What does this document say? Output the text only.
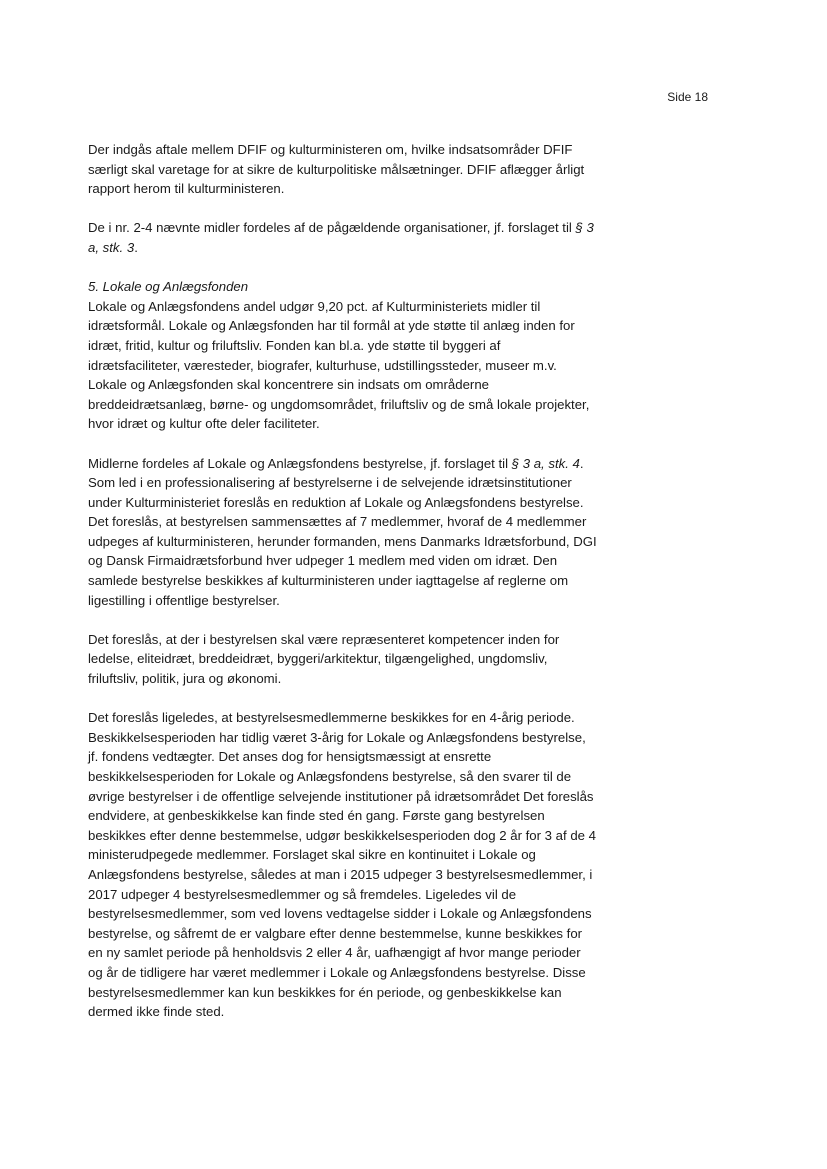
Side 18
Der indgås aftale mellem DFIF og kulturministeren om, hvilke indsatsområder DFIF
særligt skal varetage for at sikre de kulturpolitiske målsætninger. DFIF aflægger årligt
rapport herom til kulturministeren.
De i nr. 2-4 nævnte midler fordeles af de pågældende organisationer, jf. forslaget til § 3
a, stk. 3.
5. Lokale og Anlægsfonden
Lokale og Anlægsfondens andel udgør 9,20 pct. af Kulturministeriets midler til
idrætsformål. Lokale og Anlægsfonden har til formål at yde støtte til anlæg inden for
idræt, fritid, kultur og friluftsliv. Fonden kan bl.a. yde støtte til byggeri af
idrætsfaciliteter, væresteder, biografer, kulturhuse, udstillingssteder, museer m.v.
Lokale og Anlægsfonden skal koncentrere sin indsats om områderne
breddeidrætsanlæg, børne- og ungdomsområdet, friluftsliv og de små lokale projekter,
hvor idræt og kultur ofte deler faciliteter.
Midlerne fordeles af Lokale og Anlægsfondens bestyrelse, jf. forslaget til § 3 a, stk. 4.
Som led i en professionalisering af bestyrelserne i de selvejende idrætsinstitutioner
under Kulturministeriet foreslås en reduktion af Lokale og Anlægsfondens bestyrelse.
Det foreslås, at bestyrelsen sammensættes af 7 medlemmer, hvoraf de 4 medlemmer
udpeges af kulturministeren, herunder formanden, mens Danmarks Idrætsforbund, DGI
og Dansk Firmaidrætsforbund hver udpeger 1 medlem med viden om idræt. Den
samlede bestyrelse beskikkes af kulturministeren under iagttagelse af reglerne om
ligestilling i offentlige bestyrelser.
Det foreslås, at der i bestyrelsen skal være repræsenteret kompetencer inden for
ledelse, eliteidræt, breddeidræt, byggeri/arkitektur, tilgængelighed, ungdomsliv,
friluftsliv, politik, jura og økonomi.
Det foreslås ligeledes, at bestyrelsesmedlemmerne beskikkes for en 4-årig periode.
Beskikkelsesperioden har tidlig været 3-årig for Lokale og Anlægsfondens bestyrelse,
jf. fondens vedtægter. Det anses dog for hensigtsmæssigt at ensrette
beskikkelsesperioden for Lokale og Anlægsfondens bestyrelse, så den svarer til de
øvrige bestyrelser i de offentlige selvejende institutioner på idrætsområdet Det foreslås
endvidere, at genbeskikkelse kan finde sted én gang. Første gang bestyrelsen
beskikkes efter denne bestemmelse, udgør beskikkelsesperioden dog 2 år for 3 af de 4
ministerudpegede medlemmer. Forslaget skal sikre en kontinuitet i Lokale og
Anlægsfondens bestyrelse, således at man i 2015 udpeger 3 bestyrelsesmedlemmer, i
2017 udpeger 4 bestyrelsesmedlemmer og så fremdeles. Ligeledes vil de
bestyrelsesmedlemmer, som ved lovens vedtagelse sidder i Lokale og Anlægsfondens
bestyrelse, og såfremt de er valgbare efter denne bestemmelse, kunne beskikkes for
en ny samlet periode på henholdsvis 2 eller 4 år, uafhængigt af hvor mange perioder
og år de tidligere har været medlemmer i Lokale og Anlægsfondens bestyrelse. Disse
bestyrelsesmedlemmer kan kun beskikkes for én periode, og genbeskikkelse kan
dermed ikke finde sted.
